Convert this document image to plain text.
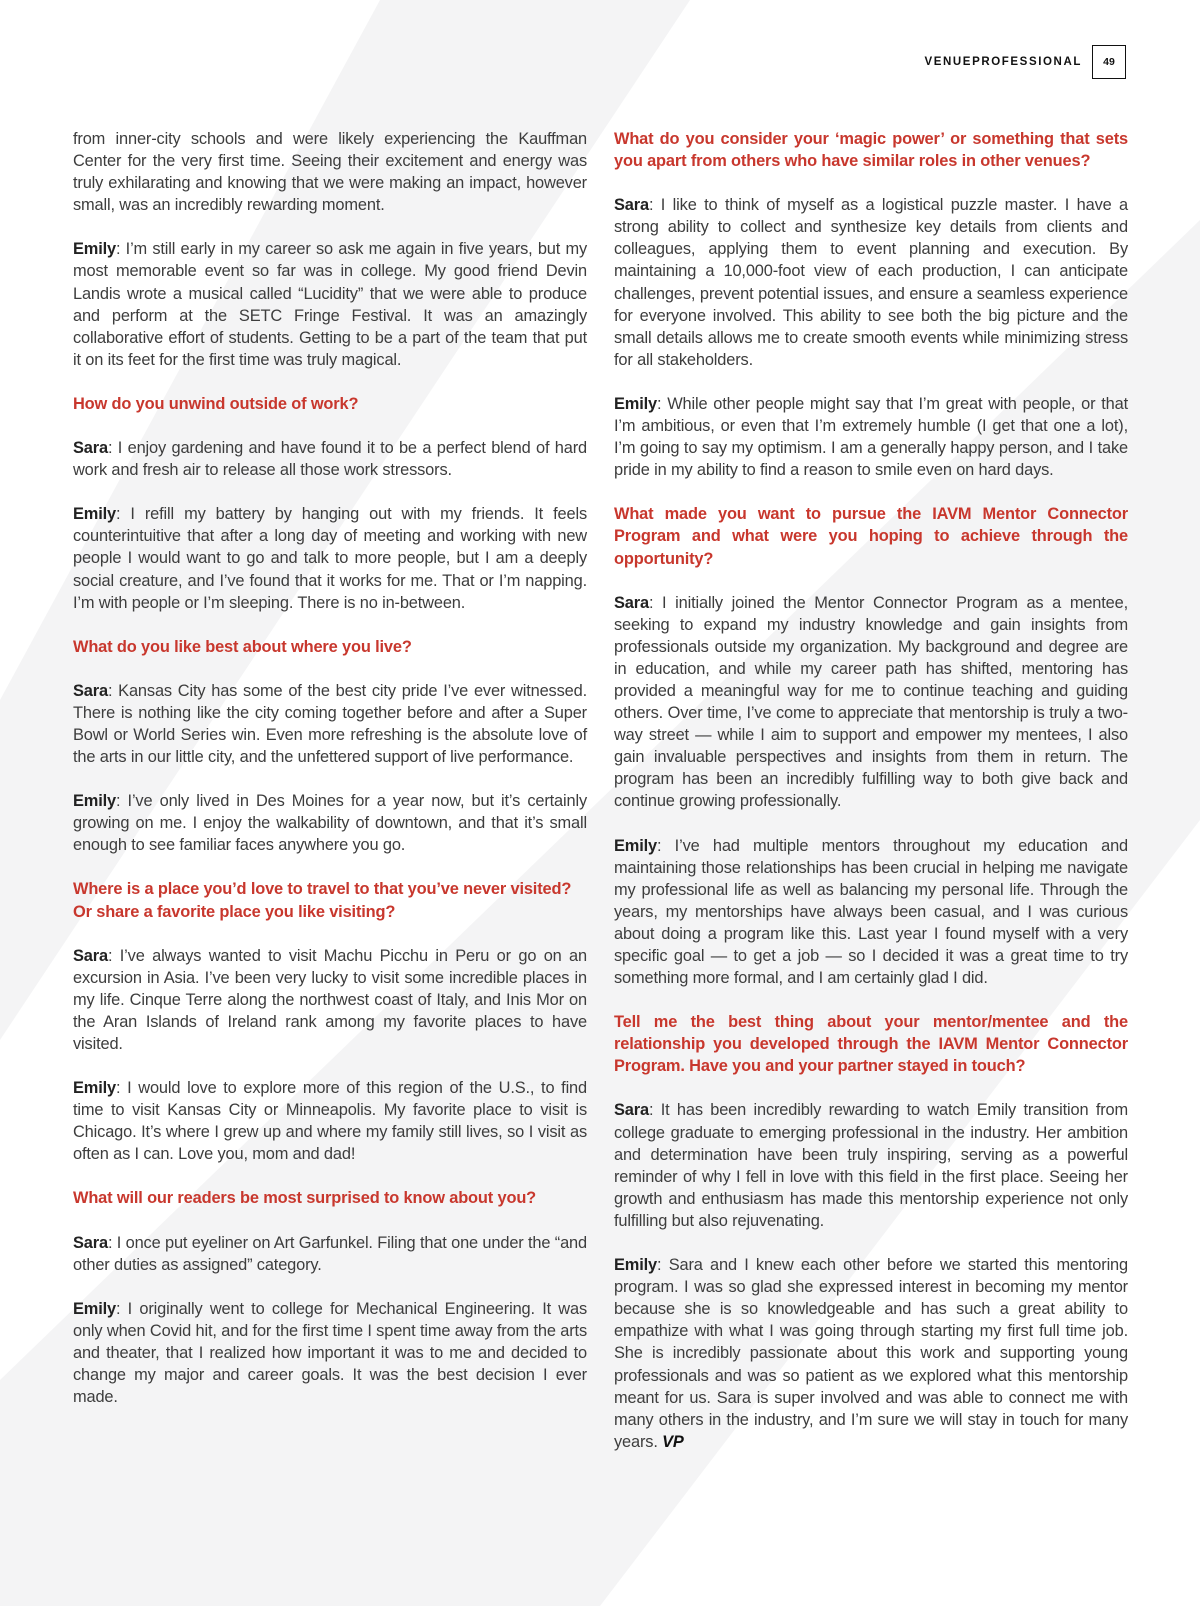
VENUEPROFESSIONAL	49

from inner-city schools and were likely experiencing the Kauffman Center for the very first time. Seeing their excitement and energy was truly exhilarating and knowing that we were making an impact, however small, was an incredibly rewarding moment.

Emily: I’m still early in my career so ask me again in five years, but my most memorable event so far was in college. My good friend Devin Landis wrote a musical called “Lucidity” that we were able to produce and perform at the SETC Fringe Festival. It was an amazingly collaborative effort of students. Getting to be a part of the team that put it on its feet for the first time was truly magical.

How do you unwind outside of work?

Sara: I enjoy gardening and have found it to be a perfect blend of hard work and fresh air to release all those work stressors.

Emily: I refill my battery by hanging out with my friends. It feels counterintuitive that after a long day of meeting and working with new people I would want to go and talk to more people, but I am a deeply social creature, and I’ve found that it works for me. That or I’m napping. I’m with people or I’m sleeping. There is no in-between.

What do you like best about where you live?

Sara: Kansas City has some of the best city pride I’ve ever witnessed. There is nothing like the city coming together before and after a Super Bowl or World Series win. Even more refreshing is the absolute love of the arts in our little city, and the unfettered support of live performance.

Emily: I’ve only lived in Des Moines for a year now, but it’s certainly growing on me. I enjoy the walkability of downtown, and that it’s small enough to see familiar faces anywhere you go.

Where is a place you’d love to travel to that you’ve never visited? Or share a favorite place you like visiting?

Sara: I’ve always wanted to visit Machu Picchu in Peru or go on an excursion in Asia. I’ve been very lucky to visit some incredible places in my life. Cinque Terre along the northwest coast of Italy, and Inis Mor on the Aran Islands of Ireland rank among my favorite places to have visited.

Emily: I would love to explore more of this region of the U.S., to find time to visit Kansas City or Minneapolis. My favorite place to visit is Chicago. It’s where I grew up and where my family still lives, so I visit as often as I can. Love you, mom and dad!

What will our readers be most surprised to know about you?

Sara: I once put eyeliner on Art Garfunkel. Filing that one under the “and other duties as assigned” category.

Emily: I originally went to college for Mechanical Engineering. It was only when Covid hit, and for the first time I spent time away from the arts and theater, that I realized how important it was to me and decided to change my major and career goals. It was the best decision I ever made.

What do you consider your ‘magic power’ or something that sets you apart from others who have similar roles in other venues?

Sara: I like to think of myself as a logistical puzzle master. I have a strong ability to collect and synthesize key details from clients and colleagues, applying them to event planning and execution. By maintaining a 10,000-foot view of each production, I can anticipate challenges, prevent potential issues, and ensure a seamless experience for everyone involved. This ability to see both the big picture and the small details allows me to create smooth events while minimizing stress for all stakeholders.

Emily: While other people might say that I’m great with people, or that I’m ambitious, or even that I’m extremely humble (I get that one a lot), I’m going to say my optimism. I am a generally happy person, and I take pride in my ability to find a reason to smile even on hard days.

What made you want to pursue the IAVM Mentor Connector Program and what were you hoping to achieve through the opportunity?

Sara: I initially joined the Mentor Connector Program as a mentee, seeking to expand my industry knowledge and gain insights from professionals outside my organization. My background and degree are in education, and while my career path has shifted, mentoring has provided a meaningful way for me to continue teaching and guiding others. Over time, I’ve come to appreciate that mentorship is truly a two-way street — while I aim to support and empower my mentees, I also gain invaluable perspectives and insights from them in return. The program has been an incredibly fulfilling way to both give back and continue growing professionally.

Emily: I’ve had multiple mentors throughout my education and maintaining those relationships has been crucial in helping me navigate my professional life as well as balancing my personal life. Through the years, my mentorships have always been casual, and I was curious about doing a program like this. Last year I found myself with a very specific goal — to get a job — so I decided it was a great time to try something more formal, and I am certainly glad I did.

Tell me the best thing about your mentor/mentee and the relationship you developed through the IAVM Mentor Connector Program. Have you and your partner stayed in touch?

Sara: It has been incredibly rewarding to watch Emily transition from college graduate to emerging professional in the industry. Her ambition and determination have been truly inspiring, serving as a powerful reminder of why I fell in love with this field in the first place. Seeing her growth and enthusiasm has made this mentorship experience not only fulfilling but also rejuvenating.

Emily: Sara and I knew each other before we started this mentoring program. I was so glad she expressed interest in becoming my mentor because she is so knowledgeable and has such a great ability to empathize with what I was going through starting my first full time job. She is incredibly passionate about this work and supporting young professionals and was so patient as we explored what this mentorship meant for us. Sara is super involved and was able to connect me with many others in the industry, and I’m sure we will stay in touch for many years. VP
